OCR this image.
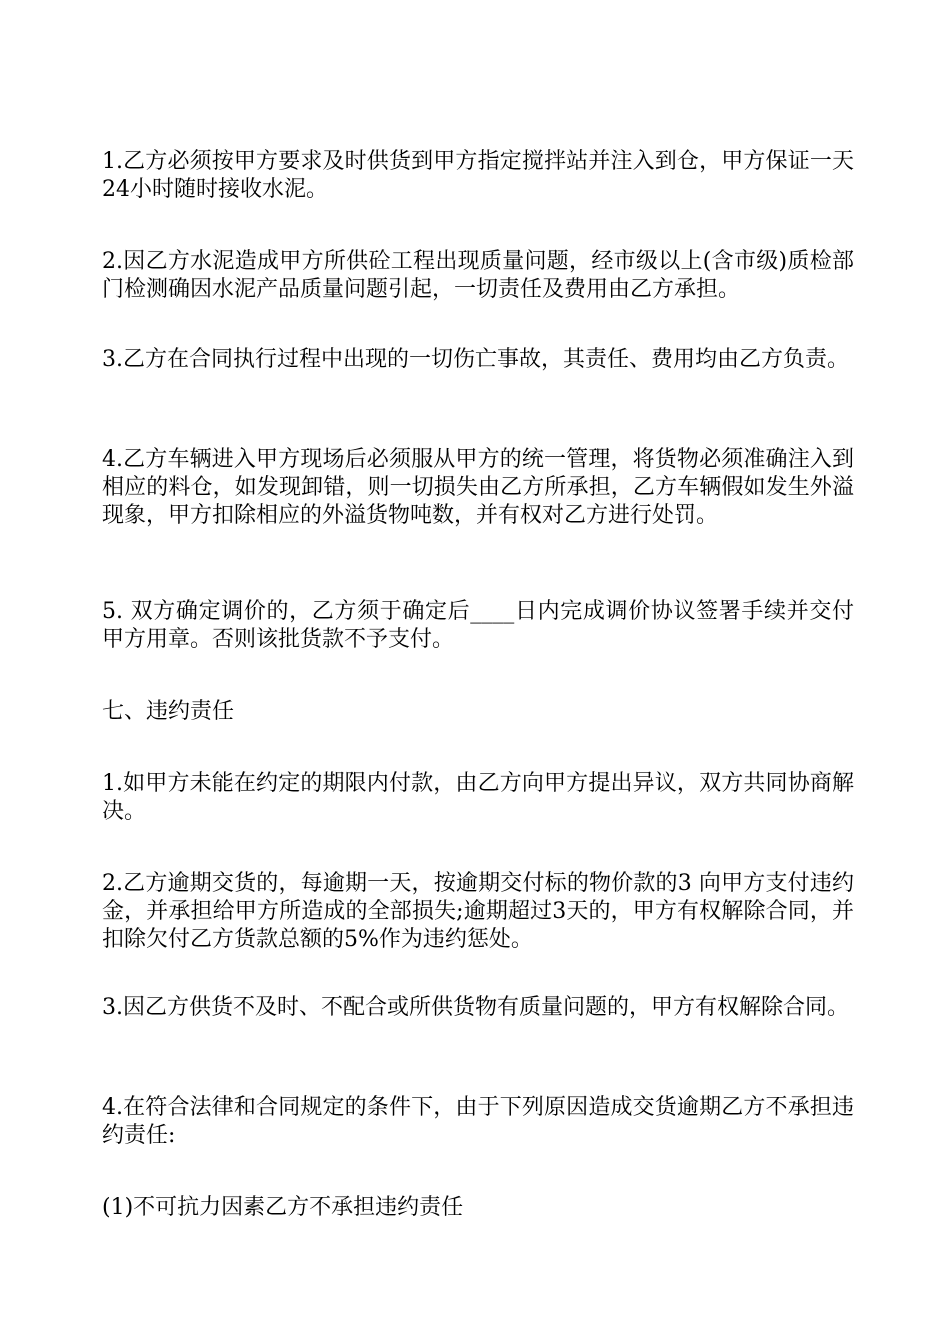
1.乙方必须按甲方要求及时供货到甲方指定搅拌站并注入到仓，甲方保证一天24小时随时接收水泥。

2.因乙方水泥造成甲方所供砼工程出现质量问题，经市级以上(含市级)质检部门检测确因水泥产品质量问题引起，一切责任及费用由乙方承担。

3.乙方在合同执行过程中出现的一切伤亡事故，其责任、费用均由乙方负责。

4.乙方车辆进入甲方现场后必须服从甲方的统一管理，将货物必须准确注入到相应的料仓，如发现卸错，则一切损失由乙方所承担，乙方车辆假如发生外溢现象，甲方扣除相应的外溢货物吨数，并有权对乙方进行处罚。

5. 双方确定调价的，乙方须于确定后____日内完成调价协议签署手续并交付甲方用章。否则该批货款不予支付。

七、违约责任

1.如甲方未能在约定的期限内付款，由乙方向甲方提出异议，双方共同协商解决。

2.乙方逾期交货的，每逾期一天，按逾期交付标的物价款的3 向甲方支付违约金，并承担给甲方所造成的全部损失;逾期超过3天的，甲方有权解除合同，并扣除欠付乙方货款总额的5%作为违约惩处。

3.因乙方供货不及时、不配合或所供货物有质量问题的，甲方有权解除合同。

4.在符合法律和合同规定的条件下，由于下列原因造成交货逾期乙方不承担违约责任:

(1)不可抗力因素乙方不承担违约责任
